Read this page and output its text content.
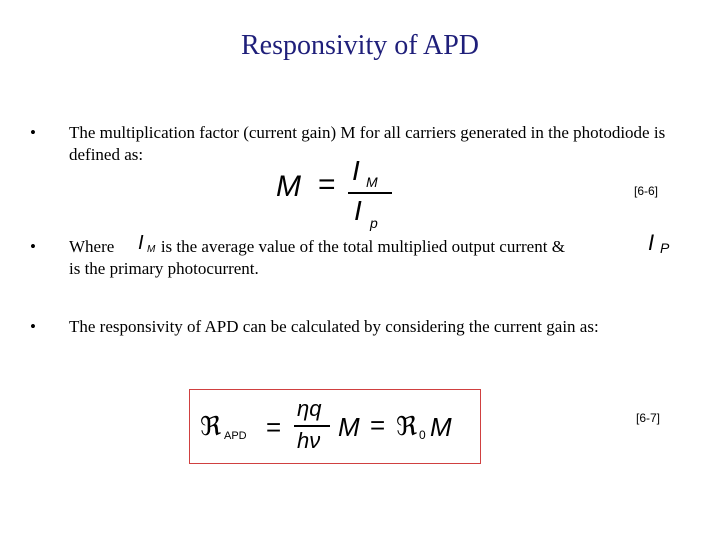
Responsivity of APD
• The multiplication factor (current gain) M for all carriers generated in the photodiode is defined as:
M = I M
I p
[6-6]
• Where	is the average value of the total multiplied output current &
is the primary photocurrent.
I M	I P
• The responsivity of APD can be calculated by considering the current gain as:
ℜ APD =
ηq
hν M = ℜ 0 M	[6-7]
